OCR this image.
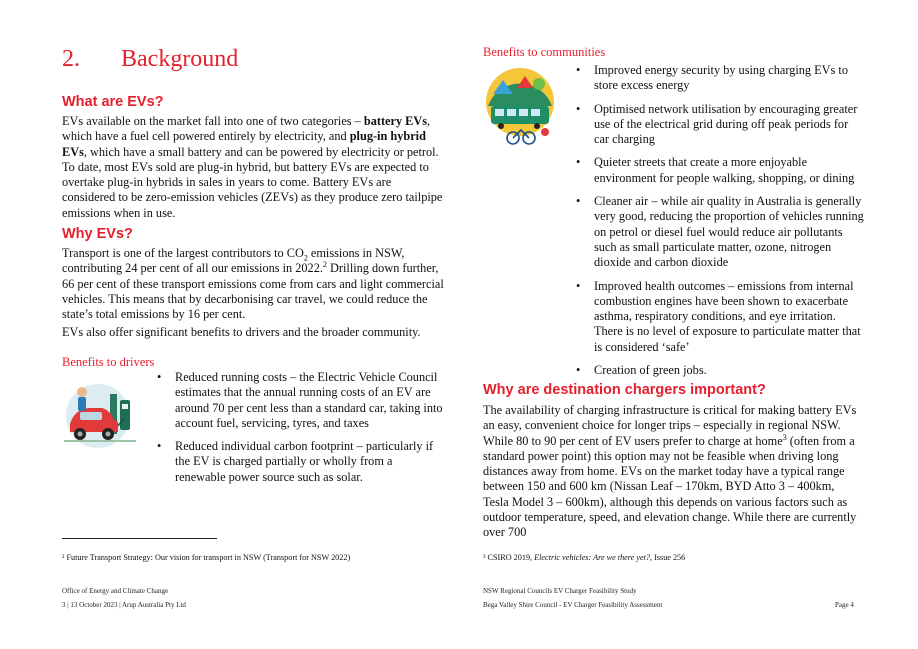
2. Background
What are EVs?
EVs available on the market fall into one of two categories – battery EVs, which have a fuel cell powered entirely by electricity, and plug-in hybrid EVs, which have a small battery and can be powered by electricity or petrol. To date, most EVs sold are plug-in hybrid, but battery EVs are expected to overtake plug-in hybrids in sales in years to come. Battery EVs are considered to be zero-emission vehicles (ZEVs) as they produce zero tailpipe emissions when in use.
Why EVs?
Transport is one of the largest contributors to $CO_2$ emissions in NSW, contributing 24 per cent of all our emissions in 2022.$^2$ Drilling down further, 66 per cent of these transport emissions come from cars and light commercial vehicles. This means that by decarbonising car travel, we could reduce the state’s total emissions by 16 per cent.
EVs also offer significant benefits to drivers and the broader community.
Benefits to drivers
• Reduced running costs – the Electric Vehicle Council estimates that the annual running costs of an EV are around 70 per cent less than a standard car, taking into account fuel, servicing, tyres, and taxes
• Reduced individual carbon footprint – particularly if the EV is charged partially or wholly from a renewable power source such as solar.
² Future Transport Strategy: Our vision for transport in NSW (Transport for NSW 2022)
Office of Energy and Climate Change
3 | 13 October 2023 | Arup Australia Pty Ltd
Benefits to communities
• Improved energy security by using charging EVs to store excess energy
• Optimised network utilisation by encouraging greater use of the electrical grid during off peak periods for car charging
• Quieter streets that create a more enjoyable environment for people walking, shopping, or dining
• Cleaner air – while air quality in Australia is generally very good, reducing the proportion of vehicles running on petrol or diesel fuel would reduce air pollutants such as small particulate matter, ozone, nitrogen dioxide and carbon dioxide
• Improved health outcomes – emissions from internal combustion engines have been shown to exacerbate asthma, respiratory conditions, and eye irritation. There is no level of exposure to particulate matter that is considered ‘safe’
• Creation of green jobs.
Why are destination chargers important?
The availability of charging infrastructure is critical for making battery EVs an easy, convenient choice for longer trips – especially in regional NSW. While 80 to 90 per cent of EV users prefer to charge at home$^3$ (often from a standard power point) this option may not be feasible when driving long distances away from home. EVs on the market today have a typical range between 150 and 600 km (Nissan Leaf – 170km, BYD Atto 3 – 400km, Tesla Model 3 – 600km), although this depends on various factors such as outdoor temperature, speed, and elevation change. While there are currently over 700
³ CSIRO 2019, Electric vehicles: Are we there yet?, Issue 256
NSW Regional Councils EV Charger Feasibility Study
Bega Valley Shire Council - EV Charger Feasibility Assessment	Page 4
